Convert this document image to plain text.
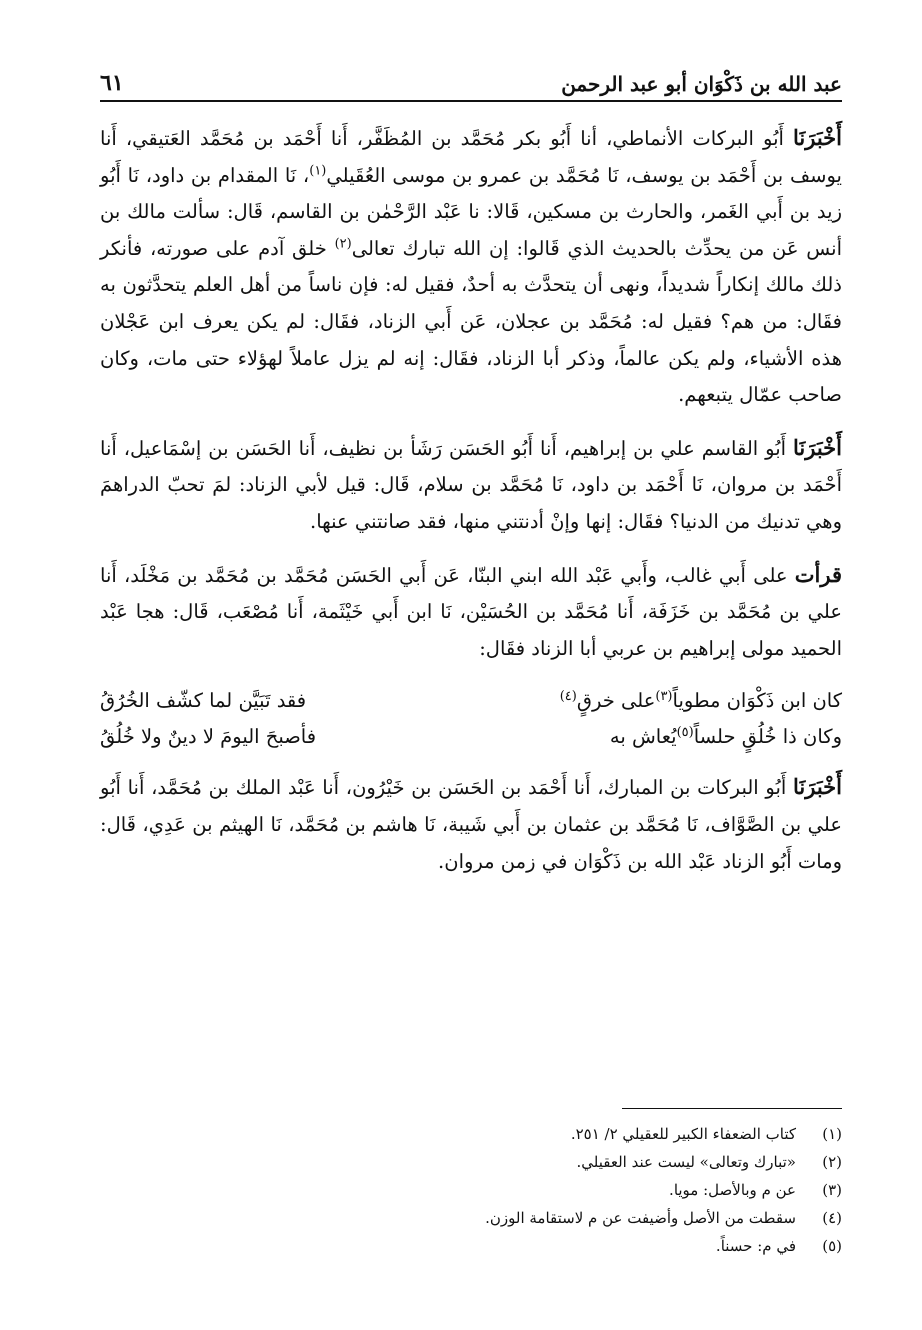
عبد الله بن ذَكْوَان أبو عبد الرحمن
٦١

أَخْبَرَنَا أَبُو البركات الأنماطي، أنا أَبُو بكر مُحَمَّد بن المُظَفَّر، أَنا أَحْمَد بن مُحَمَّد العَتيقي، أَنا يوسف بن أَحْمَد بن يوسف، نَا مُحَمَّد بن عمرو بن موسى العُقَيلي$^{(١)}$، نَا المقدام بن داود، نَا أَبُو زيد بن أَبي الغَمر، والحارث بن مسكين، قَالا: نا عَبْد الرَّحْمٰن بن القاسم، قَال: سألت مالك بن أنس عَن من يحدِّث بالحديث الذي قَالوا: إن الله تبارك تعالى$^{(٢)}$ خلق آدم على صورته، فأنكر ذلك مالك إنكاراً شديداً، ونهى أن يتحدَّث به أحدٌ، فقيل له: فإن ناساً من أهل العلم يتحدَّثون به فقَال: من هم؟ فقيل له: مُحَمَّد بن عجلان، عَن أَبي الزناد، فقَال: لم يكن يعرف ابن عَجْلان هذه الأشياء، ولم يكن عالماً، وذكر أبا الزناد، فقَال: إنه لم يزل عاملاً لهؤلاء حتى مات، وكان صاحب عمّال يتبعهم.

أَخْبَرَنَا أَبُو القاسم علي بن إبراهيم، أَنا أَبُو الحَسَن رَشَأ بن نظيف، أَنا الحَسَن بن إسْمَاعيل، أَنا أَحْمَد بن مروان، نَا أَحْمَد بن داود، نَا مُحَمَّد بن سلام، قَال: قيل لأبي الزناد: لمَ تحبّ الدراهمَ وهي تدنيك من الدنيا؟ فقَال: إنها وإنْ أدنتني منها، فقد صانتني عنها.

قرأت على أَبي غالب، وأَبي عَبْد الله ابني البنّا، عَن أَبي الحَسَن مُحَمَّد بن مُحَمَّد بن مَخْلَد، أَنا علي بن مُحَمَّد بن خَزَفَة، أَنا مُحَمَّد بن الحُسَيْن، نَا ابن أَبي خَيْثَمة، أَنا مُصْعَب، قَال: هجا عَبْد الحميد مولى إبراهيم بن عربي أبا الزناد فقَال:

كان ابن ذَكْوَان مطوياً(٣)على خرقٍ(٤)
فقد تَبَيَّن لما كشّف الخُرُقُ
وكان ذا خُلُقٍ حلساً(٥)يُعاش به
فأصبحَ اليومَ لا دينٌ ولا خُلُقُ

أَخْبَرَنَا أَبُو البركات بن المبارك، أَنا أَحْمَد بن الحَسَن بن خَيْرُون، أَنا عَبْد الملك بن مُحَمَّد، أَنا أَبُو علي بن الصَّوَّاف، نَا مُحَمَّد بن عثمان بن أَبي شَيبة، نَا هاشم بن مُحَمَّد، نَا الهيثم بن عَدِي، قَال: ومات أَبُو الزناد عَبْد الله بن ذَكْوَان في زمن مروان.

(١)
كتاب الضعفاء الكبير للعقيلي ٢/ ٢٥١.
(٢)
«تبارك وتعالى» ليست عند العقيلي.
(٣)
عن م وبالأصل: مويا.
(٤)
سقطت من الأصل وأضيفت عن م لاستقامة الوزن.
(٥)
في م: حسناً.
